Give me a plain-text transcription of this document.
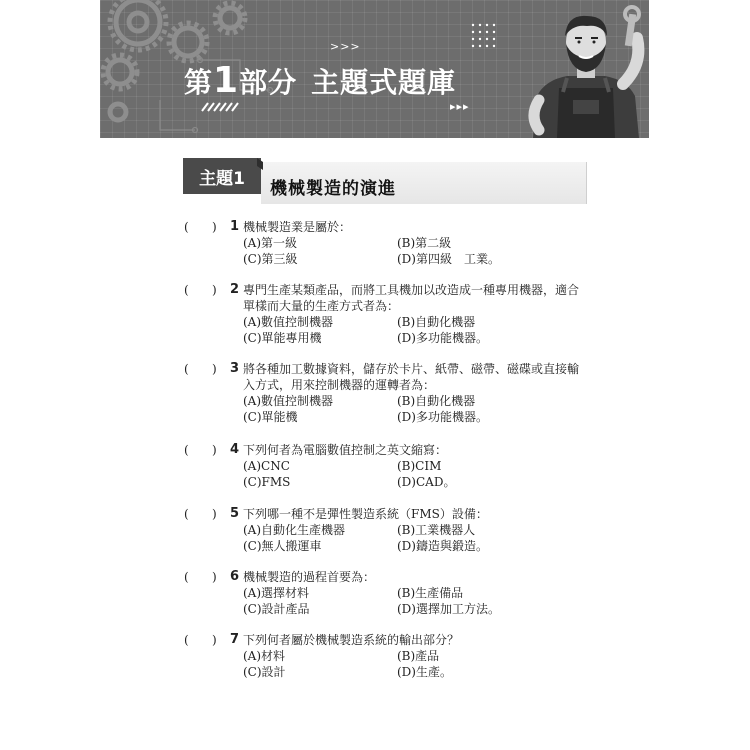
>>>
第1部分 主題式題庫
▸▸▸
✖
✖
主題1
機械製造的演進
( ) 1 機械製造業是屬於：
(A)第一級	(B)第二級
(C)第三級	(D)第四級　工業。
( ) 2 專門生產某類產品，而將工具機加以改造成一種專用機器，適合單樣而大量的生產方式者為：
(A)數值控制機器	(B)自動化機器
(C)單能專用機	(D)多功能機器。
( ) 3 將各種加工數據資料，儲存於卡片、紙帶、磁帶、磁碟或直接輸入方式，用來控制機器的運轉者為：
(A)數值控制機器	(B)自動化機器
(C)單能機	(D)多功能機器。
( ) 4 下列何者為電腦數值控制之英文縮寫：
(A)CNC	(B)CIM
(C)FMS	(D)CAD。
( ) 5 下列哪一種不是彈性製造系統（FMS）設備：
(A)自動化生產機器	(B)工業機器人
(C)無人搬運車	(D)鑄造與鍛造。
( ) 6 機械製造的過程首要為：
(A)選擇材料	(B)生產備品
(C)設計產品	(D)選擇加工方法。
( ) 7 下列何者屬於機械製造系統的輸出部分？
(A)材料	(B)產品
(C)設計	(D)生產。
